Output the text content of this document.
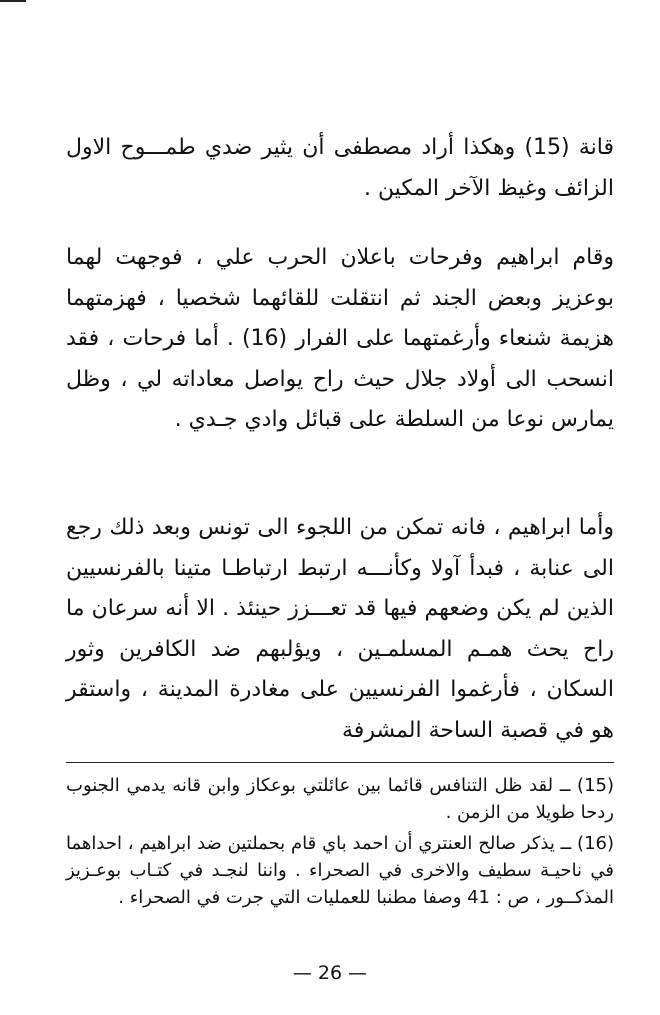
قانة (15) وهكذا أراد مصطفى أن يثير ضدي طمـــوح الاول الزائف وغيظ الآخر المكين .

وقام ابراهيم وفرحات باعلان الحرب علي ، فوجهت لهما بوعزيز وبعض الجند ثم انتقلت للقائهما شخصيا ، فهزمتهما هزيمة شنعاء وأرغمتهما على الفرار (16) . أما فرحات ، فقد انسحب الى أولاد جلال حيث راح يواصل معاداته لي ، وظل يمارس نوعا من السلطة على قبائل وادي جـدي .

وأما ابراهيم ، فانه تمكن من اللجوء الى تونس وبعد ذلك رجع الى عنابة ، فبدأ آولا وكأنـــه ارتبط ارتباطـا متينا بالفرنسيين الذين لم يكن وضعهم فيها قد تعـــزز حينئذ . الا أنه سرعان ما راح يحث همـم المسلمـين ، ويؤلبهم ضد الكافرين وثور السكان ، فأرغموا الفرنسيين على مغادرة المدينة ، واستقر هو في قصبة الساحة المشرفة

(15) ــ لقد ظل التنافس قائما بين عائلتي بوعكاز وابن قانه يدمي الجنوب ردحا طويلا من الزمن .

(16) ــ يذكر صالح العنتري أن احمد باي قام بحملتين ضد ابراهيم ، احداهما في ناحيـة سطيف والاخرى في الصحراء . واننا لنجـد في كتـاب بوعـزيز المذكــور ، ص : 41 وصفا مطنبا للعمليات التي جرت في الصحراء .

— 26 —
